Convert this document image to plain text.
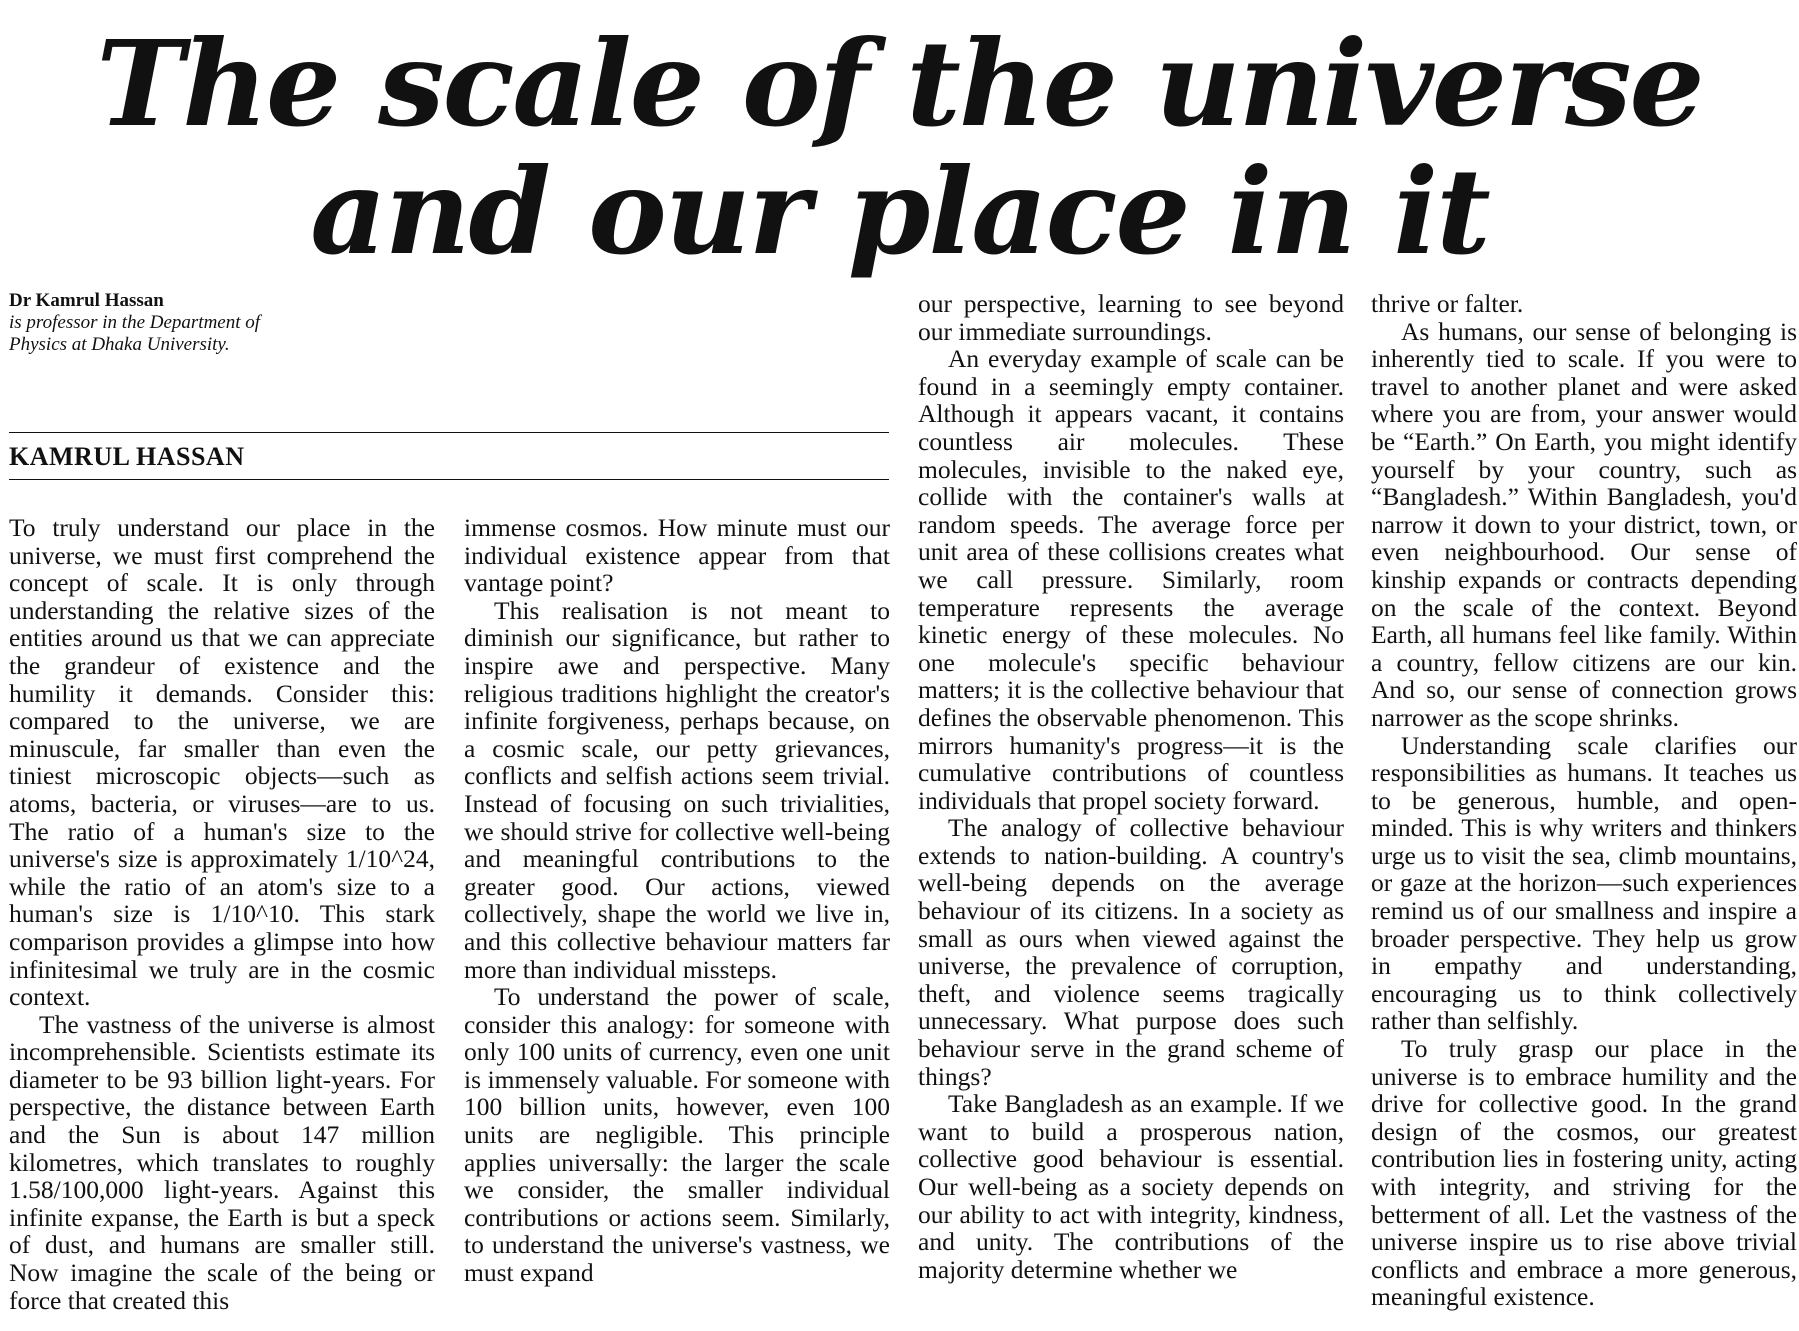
The scale of the universe
and our place in it
Dr Kamrul Hassan
is professor in the Department of
Physics at Dhaka University.
KAMRUL HASSAN

To truly understand our place in the universe, we must first comprehend the concept of scale. It is only through understanding the relative sizes of the entities around us that we can appreciate the grandeur of existence and the humility it demands. Consider this: compared to the universe, we are minuscule, far smaller than even the tiniest microscopic objects—such as atoms, bacteria, or viruses—are to us. The ratio of a human's size to the universe's size is approximately 1/10^24, while the ratio of an atom's size to a human's size is 1/10^10. This stark comparison provides a glimpse into how infinitesimal we truly are in the cosmic context.

The vastness of the universe is almost incomprehensible. Scientists estimate its diameter to be 93 billion light-years. For perspective, the distance between Earth and the Sun is about 147 million kilometres, which translates to roughly 1.58/100,000 light-years. Against this infinite expanse, the Earth is but a speck of dust, and humans are smaller still. Now imagine the scale of the being or force that created this

immense cosmos. How minute must our individual existence appear from that vantage point?

This realisation is not meant to diminish our significance, but rather to inspire awe and perspective. Many religious traditions highlight the creator's infinite forgiveness, perhaps because, on a cosmic scale, our petty grievances, conflicts and selfish actions seem trivial. Instead of focusing on such trivialities, we should strive for collective well-being and meaningful contributions to the greater good. Our actions, viewed collectively, shape the world we live in, and this collective behaviour matters far more than individual missteps.

To understand the power of scale, consider this analogy: for someone with only 100 units of currency, even one unit is immensely valuable. For someone with 100 billion units, however, even 100 units are negligible. This principle applies universally: the larger the scale we consider, the smaller individual contributions or actions seem. Similarly, to understand the universe's vastness, we must expand

our perspective, learning to see beyond our immediate surroundings.

An everyday example of scale can be found in a seemingly empty container. Although it appears vacant, it contains countless air molecules. These molecules, invisible to the naked eye, collide with the container's walls at random speeds. The average force per unit area of these collisions creates what we call pressure. Similarly, room temperature represents the average kinetic energy of these molecules. No one molecule's specific behaviour matters; it is the collective behaviour that defines the observable phenomenon. This mirrors humanity's progress—it is the cumulative contributions of countless individuals that propel society forward.

The analogy of collective behaviour extends to nation-building. A country's well-being depends on the average behaviour of its citizens. In a society as small as ours when viewed against the universe, the prevalence of corruption, theft, and violence seems tragically unnecessary. What purpose does such behaviour serve in the grand scheme of things?

Take Bangladesh as an example. If we want to build a prosperous nation, collective good behaviour is essential. Our well-being as a society depends on our ability to act with integrity, kindness, and unity. The contributions of the majority determine whether we

thrive or falter.

As humans, our sense of belonging is inherently tied to scale. If you were to travel to another planet and were asked where you are from, your answer would be “Earth.” On Earth, you might identify yourself by your country, such as “Bangladesh.” Within Bangladesh, you'd narrow it down to your district, town, or even neighbourhood. Our sense of kinship expands or contracts depending on the scale of the context. Beyond Earth, all humans feel like family. Within a country, fellow citizens are our kin. And so, our sense of connection grows narrower as the scope shrinks.

Understanding scale clarifies our responsibilities as humans. It teaches us to be generous, humble, and open-minded. This is why writers and thinkers urge us to visit the sea, climb mountains, or gaze at the horizon—such experiences remind us of our smallness and inspire a broader perspective. They help us grow in empathy and understanding, encouraging us to think collectively rather than selfishly.

To truly grasp our place in the universe is to embrace humility and the drive for collective good. In the grand design of the cosmos, our greatest contribution lies in fostering unity, acting with integrity, and striving for the betterment of all. Let the vastness of the universe inspire us to rise above trivial conflicts and embrace a more generous, meaningful existence.
